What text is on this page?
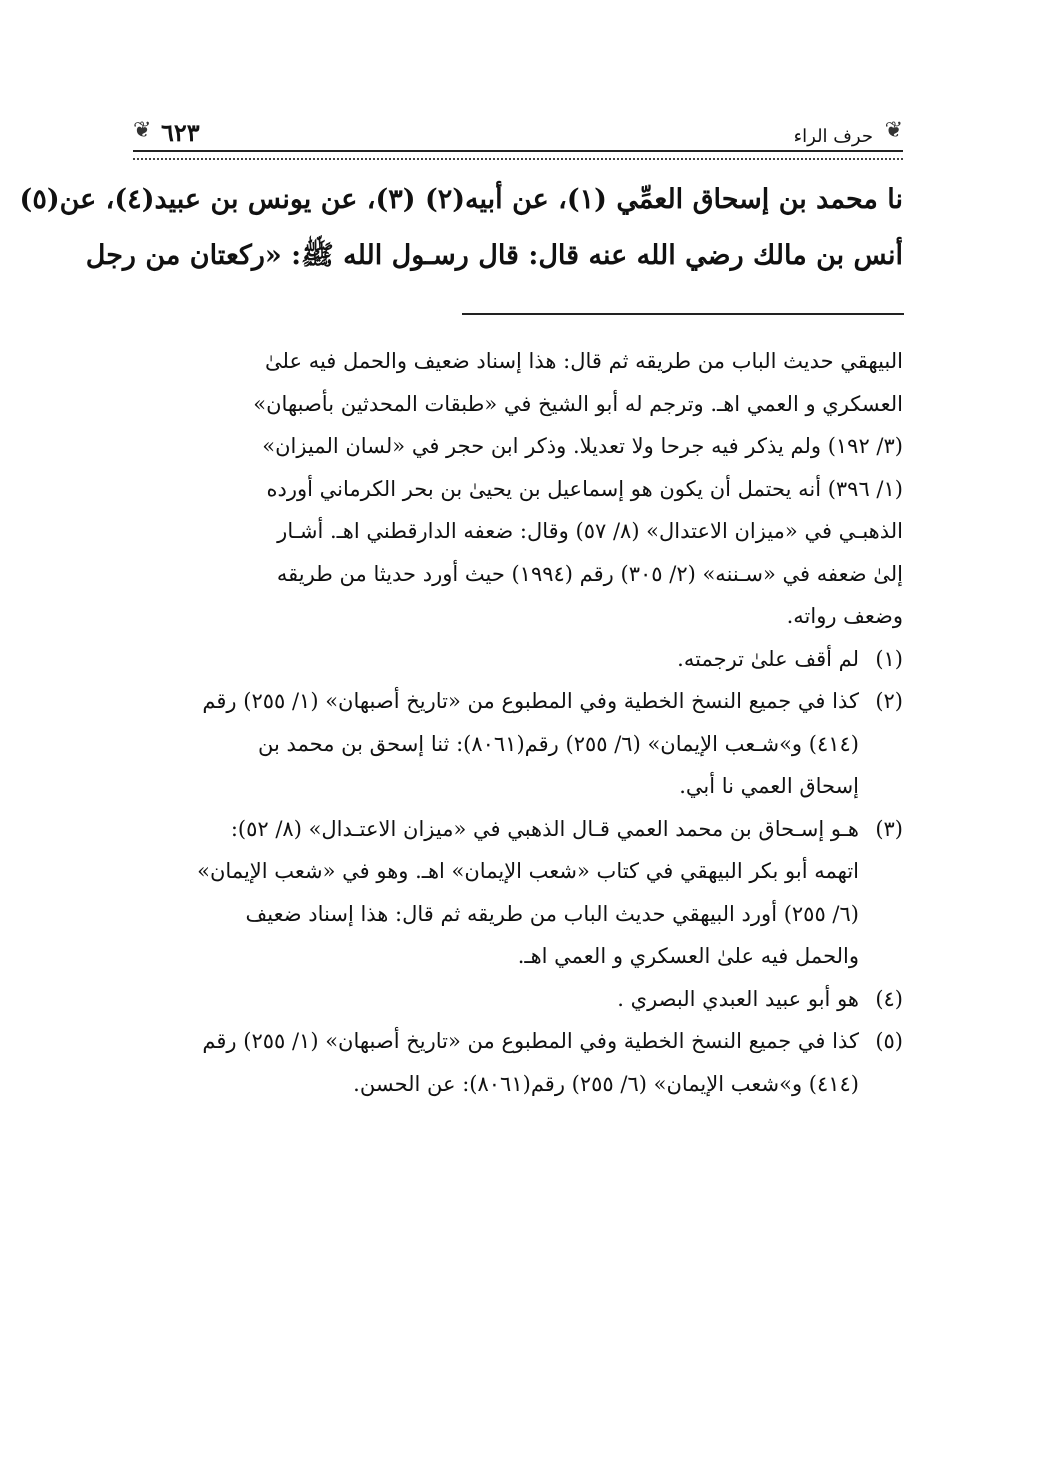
❦ ٦٢٣	حرف الراء ❦
نا محمد بن إسحاق العمِّي (١)، عن أبيه(٢) (٣)، عن يونس بن عبيد(٤)، عن(٥)
أنس بن مالك رضي الله عنه قال: قال رسـول الله ﷺ: «ركعتان من رجل
البيهقي حديث الباب من طريقه ثم قال: هذا إسناد ضعيف والحمل فيه علىٰ
العسكري و العمي اهـ. وترجم له أبو الشيخ في «طبقات المحدثين بأصبهان»
(٣/ ١٩٢) ولم يذكر فيه جرحا ولا تعديلا. وذكر ابن حجر في «لسان الميزان»
(١/ ٣٩٦) أنه يحتمل أن يكون هو إسماعيل بن يحيىٰ بن بحر الكرماني أورده
الذهبـي في «ميزان الاعتدال» (٨/ ٥٧) وقال: ضعفه الدارقطني اهـ. أشـار
إلىٰ ضعفه في «سـننه» (٢/ ٣٠٥) رقم (١٩٩٤) حيث أورد حديثا من طريقه
وضعف رواته.
(١)
لم أقف علىٰ ترجمته.
(٢)
كذا في جميع النسخ الخطية وفي المطبوع من «تاريخ أصبهان» (١/ ٢٥٥) رقم
(٤١٤) و»شـعب الإيمان» (٦/ ٢٥٥) رقم(٨٠٦١): ثنا إسحق بن محمد بن
إسحاق العمي نا أبي.
(٣)
هـو إسـحاق بن محمد العمي قـال الذهبي في «ميزان الاعتـدال» (٨/ ٥٢):
اتهمه أبو بكر البيهقي في كتاب «شعب الإيمان» اهـ. وهو في «شعب الإيمان»
(٦/ ٢٥٥) أورد البيهقي حديث الباب من طريقه ثم قال: هذا إسناد ضعيف
والحمل فيه علىٰ العسكري و العمي اهـ.
(٤)
هو أبو عبيد العبدي البصري .
(٥)
كذا في جميع النسخ الخطية وفي المطبوع من «تاريخ أصبهان» (١/ ٢٥٥) رقم
(٤١٤) و»شعب الإيمان» (٦/ ٢٥٥) رقم(٨٠٦١): عن الحسن.
